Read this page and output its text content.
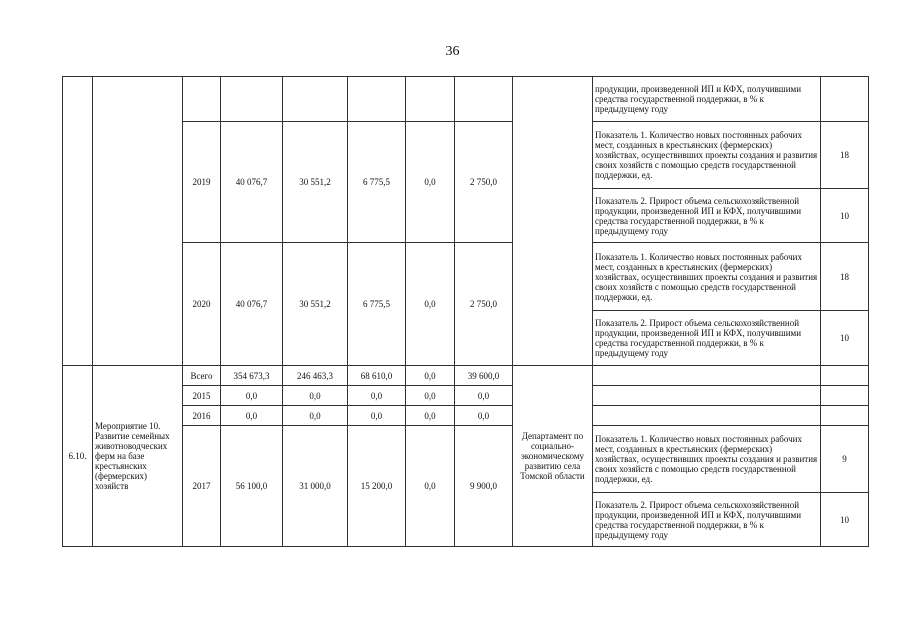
36
									продукции, произведенной ИП и КФХ, получившими средства государственной поддержки, в % к предыдущему году	
		2019	40 076,7	30 551,2	6 775,5	0,0	2 750,0		Показатель 1. Количество новых постоянных рабочих мест, созданных в крестьянских (фермерских) хозяйствах, осуществивших проекты создания и развития своих хозяйств с помощью средств государственной поддержки, ед.	18
									Показатель 2. Прирост объема сельскохозяйственной продукции, произведенной ИП и КФХ, получившими средства государственной поддержки, в % к предыдущему году	10
		2020	40 076,7	30 551,2	6 775,5	0,0	2 750,0		Показатель 1. Количество новых постоянных рабочих мест, созданных в крестьянских (фермерских) хозяйствах, осуществивших проекты создания и развития своих хозяйств с помощью средств государственной поддержки, ед.	18
									Показатель 2. Прирост объема сельскохозяйственной продукции, произведенной ИП и КФХ, получившими средства государственной поддержки, в % к предыдущему году	10
6.10.	Мероприятие 10. Развитие семейных животноводческих ферм на базе крестьянских (фермерских) хозяйств	Всего	354 673,3	246 463,3	68 610,0	0,0	39 600,0	Департамент по социально-экономическому развитию села Томской области		
		2015	0,0	0,0	0,0	0,0	0,0			
		2016	0,0	0,0	0,0	0,0	0,0			
		2017	56 100,0	31 000,0	15 200,0	0,0	9 900,0		Показатель 1. Количество новых постоянных рабочих мест, созданных в крестьянских (фермерских) хозяйствах, осуществивших проекты создания и развития своих хозяйств с помощью средств государственной поддержки, ед.	9
									Показатель 2. Прирост объема сельскохозяйственной продукции, произведенной ИП и КФХ, получившими средства государственной поддержки, в % к предыдущему году	10
